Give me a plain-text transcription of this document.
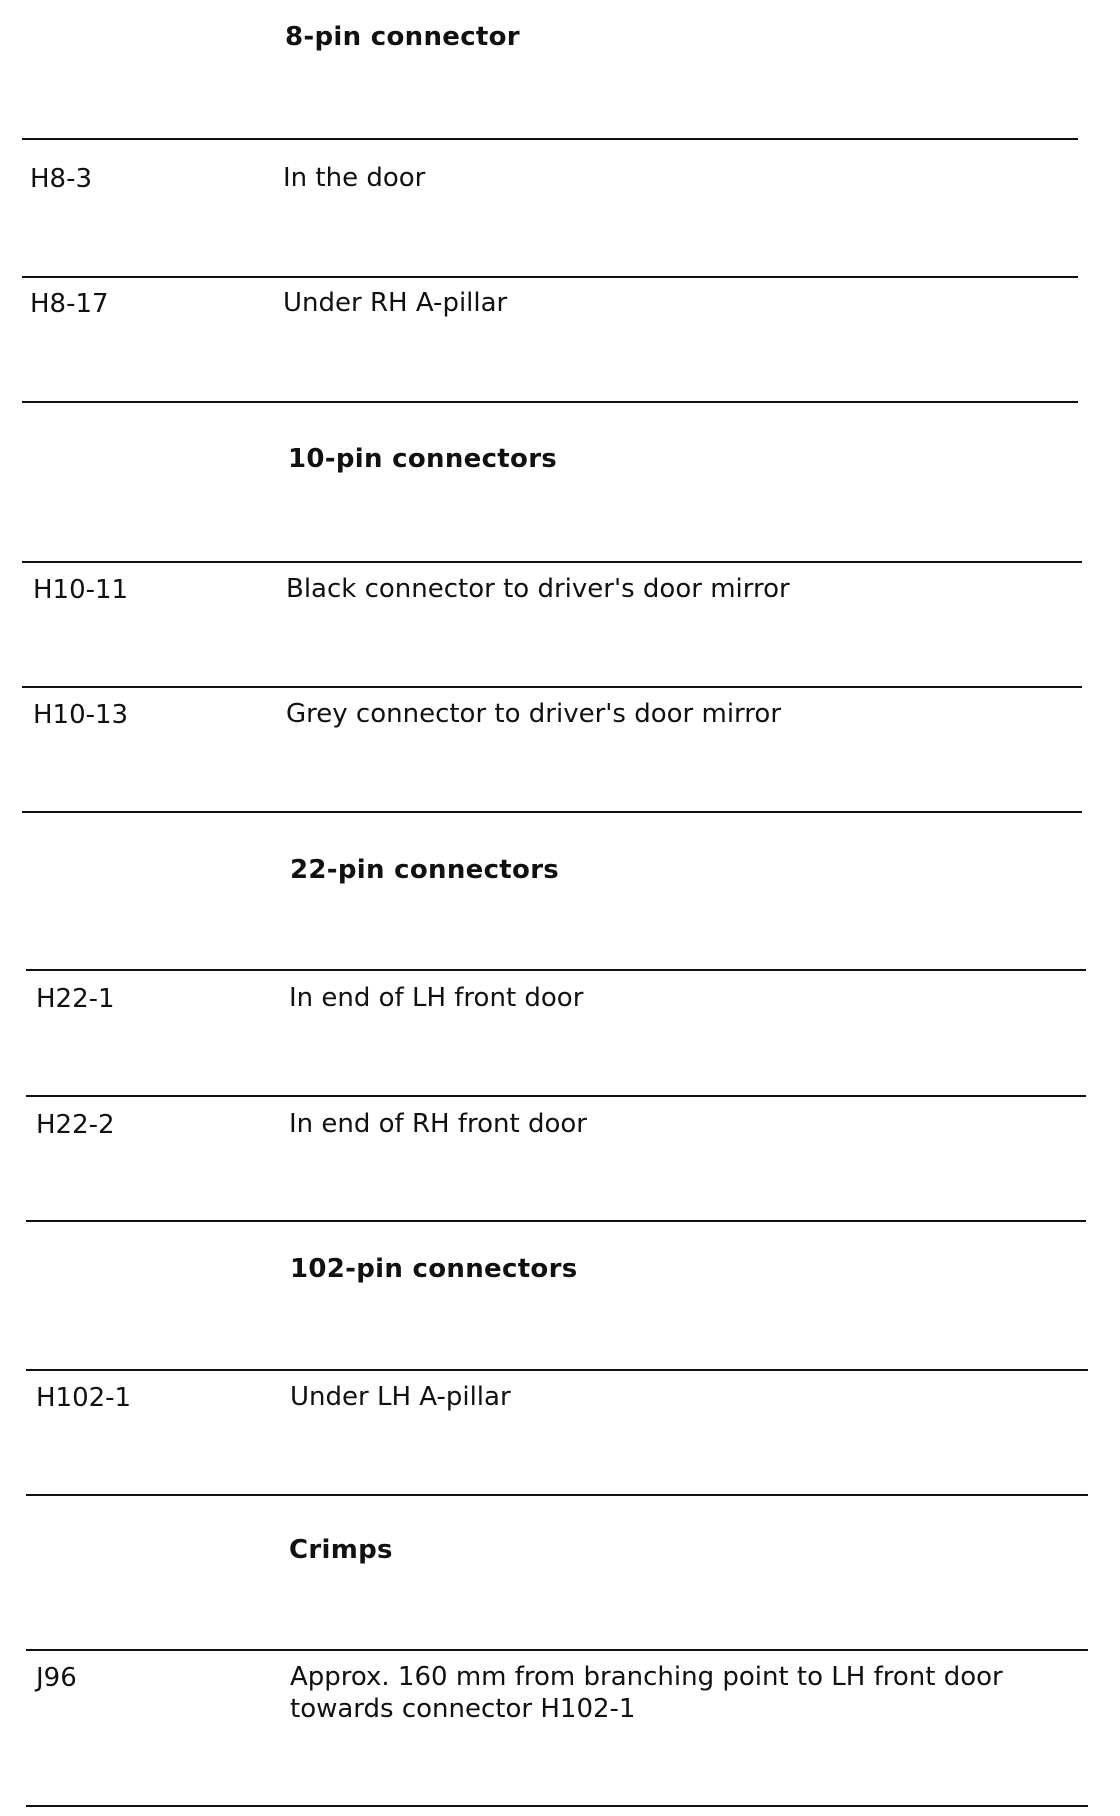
8-pin connector
H8-3	In the door
H8-17	Under RH A-pillar
10-pin connectors
H10-11	Black connector to driver's door mirror
H10-13	Grey connector to driver's door mirror
22-pin connectors
H22-1	In end of LH front door
H22-2	In end of RH front door
102-pin connectors
H102-1	Under LH A-pillar
Crimps
J96	Approx. 160 mm from branching point to LH front door
towards connector H102-1
